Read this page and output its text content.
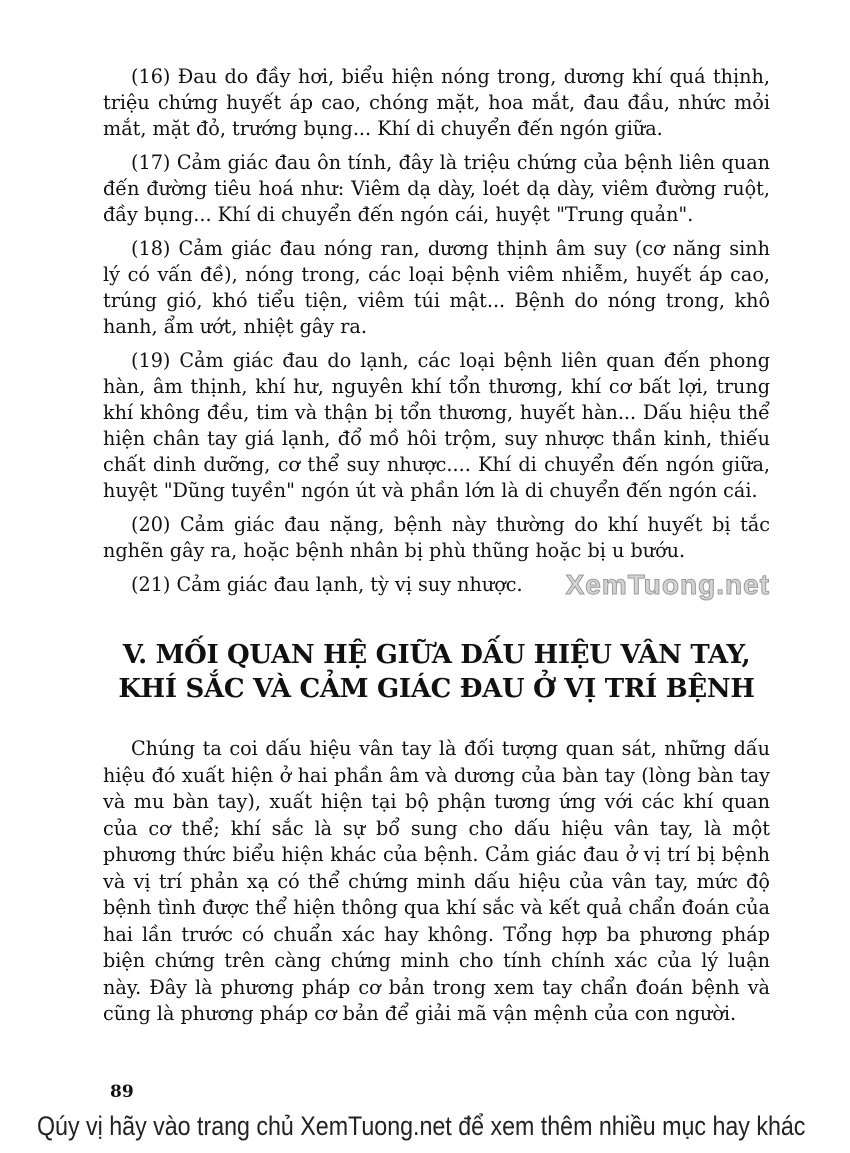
(16) Đau do đầy hơi, biểu hiện nóng trong, dương khí quá thịnh,
triệu chứng huyết áp cao, chóng mặt, hoa mắt, đau đầu, nhức mỏi
mắt, mặt đỏ, trướng bụng... Khí di chuyển đến ngón giữa.
(17) Cảm giác đau ôn tính, đây là triệu chứng của bệnh liên quan
đến đường tiêu hoá như: Viêm dạ dày, loét dạ dày, viêm đường ruột,
đầy bụng... Khí di chuyển đến ngón cái, huyệt "Trung quản".
(18) Cảm giác đau nóng ran, dương thịnh âm suy (cơ năng sinh
lý có vấn đề), nóng trong, các loại bệnh viêm nhiễm, huyết áp cao,
trúng gió, khó tiểu tiện, viêm túi mật... Bệnh do nóng trong, khô
hanh, ẩm ướt, nhiệt gây ra.
(19) Cảm giác đau do lạnh, các loại bệnh liên quan đến phong
hàn, âm thịnh, khí hư, nguyên khí tổn thương, khí cơ bất lợi, trung
khí không đều, tim và thận bị tổn thương, huyết hàn... Dấu hiệu thể
hiện chân tay giá lạnh, đổ mồ hôi trộm, suy nhược thần kinh, thiếu
chất dinh dưỡng, cơ thể suy nhược.... Khí di chuyển đến ngón giữa,
huyệt "Dũng tuyền" ngón út và phần lớn là di chuyển đến ngón cái.
(20) Cảm giác đau nặng, bệnh này thường do khí huyết bị tắc
nghẽn gây ra, hoặc bệnh nhân bị phù thũng hoặc bị u bướu.
(21) Cảm giác đau lạnh, tỳ vị suy nhược.	XemTuong.net
V. MỐI QUAN HỆ GIỮA DẤU HIỆU VÂN TAY,
KHÍ SẮC VÀ CẢM GIÁC ĐAU Ở VỊ TRÍ BỆNH
Chúng ta coi dấu hiệu vân tay là đối tượng quan sát, những dấu
hiệu đó xuất hiện ở hai phần âm và dương của bàn tay (lòng bàn tay
và mu bàn tay), xuất hiện tại bộ phận tương ứng với các khí quan
của cơ thể; khí sắc là sự bổ sung cho dấu hiệu vân tay, là một
phương thức biểu hiện khác của bệnh. Cảm giác đau ở vị trí bị bệnh
và vị trí phản xạ có thể chứng minh dấu hiệu của vân tay, mức độ
bệnh tình được thể hiện thông qua khí sắc và kết quả chẩn đoán của
hai lần trước có chuẩn xác hay không. Tổng hợp ba phương pháp
biện chứng trên càng chứng minh cho tính chính xác của lý luận
này. Đây là phương pháp cơ bản trong xem tay chẩn đoán bệnh và
cũng là phương pháp cơ bản để giải mã vận mệnh của con người.
89
Qúy vị hãy vào trang chủ XemTuong.net để xem thêm nhiều mục hay khác
